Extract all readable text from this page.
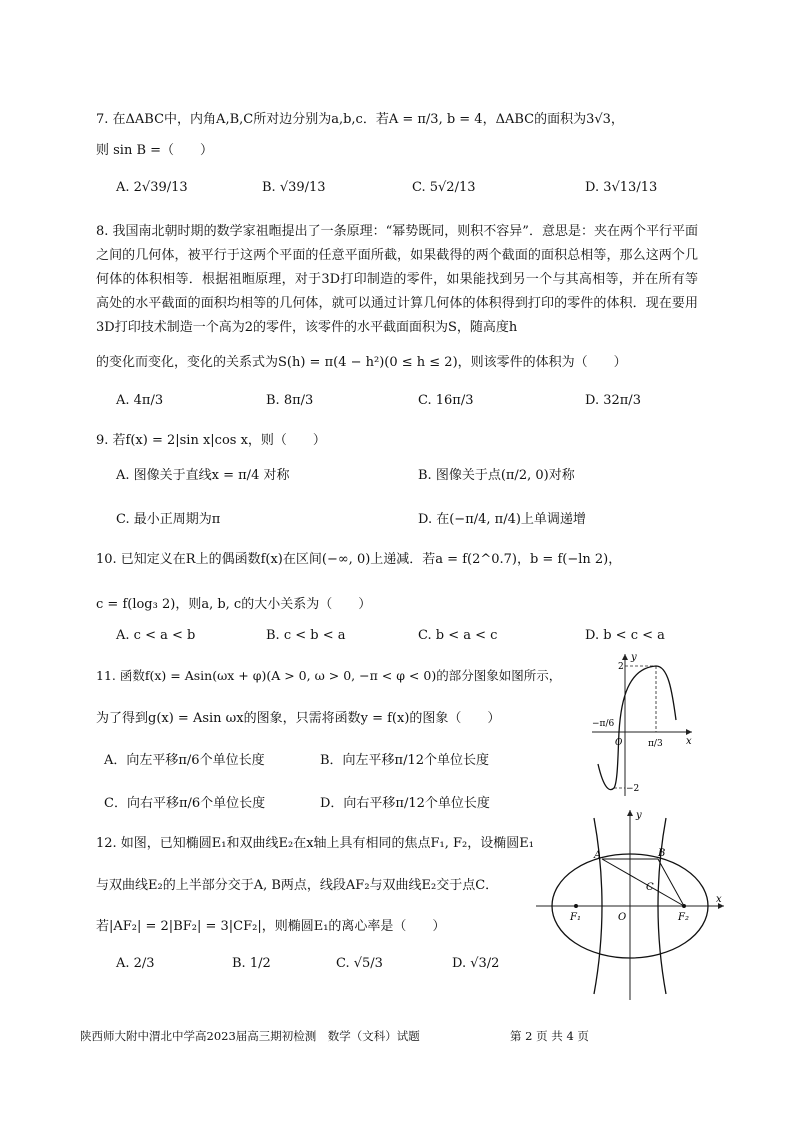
7. 在ΔABC中，内角A,B,C所对边分别为a,b,c．若A = π/3, b = 4，ΔABC的面积为3√3，
则 sin B =（　　）
A. 2√39/13	B. √39/13	C. 5√2/13	D. 3√13/13
8. 我国南北朝时期的数学家祖暅提出了一条原理：“幂势既同，则积不容异”．意思是：夹在两个平行平面之间的几何体，被平行于这两个平面的任意平面所截，如果截得的两个截面的面积总相等，那么这两个几何体的体积相等．根据祖暅原理，对于3D打印制造的零件，如果能找到另一个与其高相等，并在所有等高处的水平截面的面积均相等的几何体，就可以通过计算几何体的体积得到打印的零件的体积．现在要用3D打印技术制造一个高为2的零件，该零件的水平截面面积为S，随高度h
的变化而变化，变化的关系式为S(h) = π(4 − h²)(0 ≤ h ≤ 2)，则该零件的体积为（　　）
A. 4π/3	B. 8π/3	C. 16π/3	D. 32π/3
9. 若f(x) = 2|sin x|cos x，则（　　）
A. 图像关于直线x = π/4 对称	B. 图像关于点(π/2, 0)对称
C. 最小正周期为π	D. 在(−π/4, π/4)上单调递增
10. 已知定义在R上的偶函数f(x)在区间(−∞, 0)上递减．若a = f(2^0.7)，b = f(−ln 2)，
c = f(log₃ 2)，则a, b, c的大小关系为（　　）
A. c < a < b	B. c < b < a	C. b < a < c	D. b < c < a
11. 函数f(x) = Asin(ωx + φ)(A > 0, ω > 0, −π < φ < 0)的部分图象如图所示，
为了得到g(x) = Asin ωx的图象，只需将函数y = f(x)的图象（　　）
A．向左平移π/6个单位长度	B．向左平移π/12个单位长度
C．向右平移π/6个单位长度	D．向右平移π/12个单位长度
y
2
−π/6
O	π/3 x
−2
12. 如图，已知椭圆E₁和双曲线E₂在x轴上具有相同的焦点F₁, F₂，设椭圆E₁
与双曲线E₂的上半部分交于A, B两点，线段AF₂与双曲线E₂交于点C．
若|AF₂| = 2|BF₂| = 3|CF₂|，则椭圆E₁的离心率是（　　）
A. 2/3	B. 1/2	C. √5/3	D. √3/2
y
A	B
C
F₁	O	F₂
x
陕西师大附中渭北中学高2023届高三期初检测　数学（文科）试题	第 2 页 共 4 页
